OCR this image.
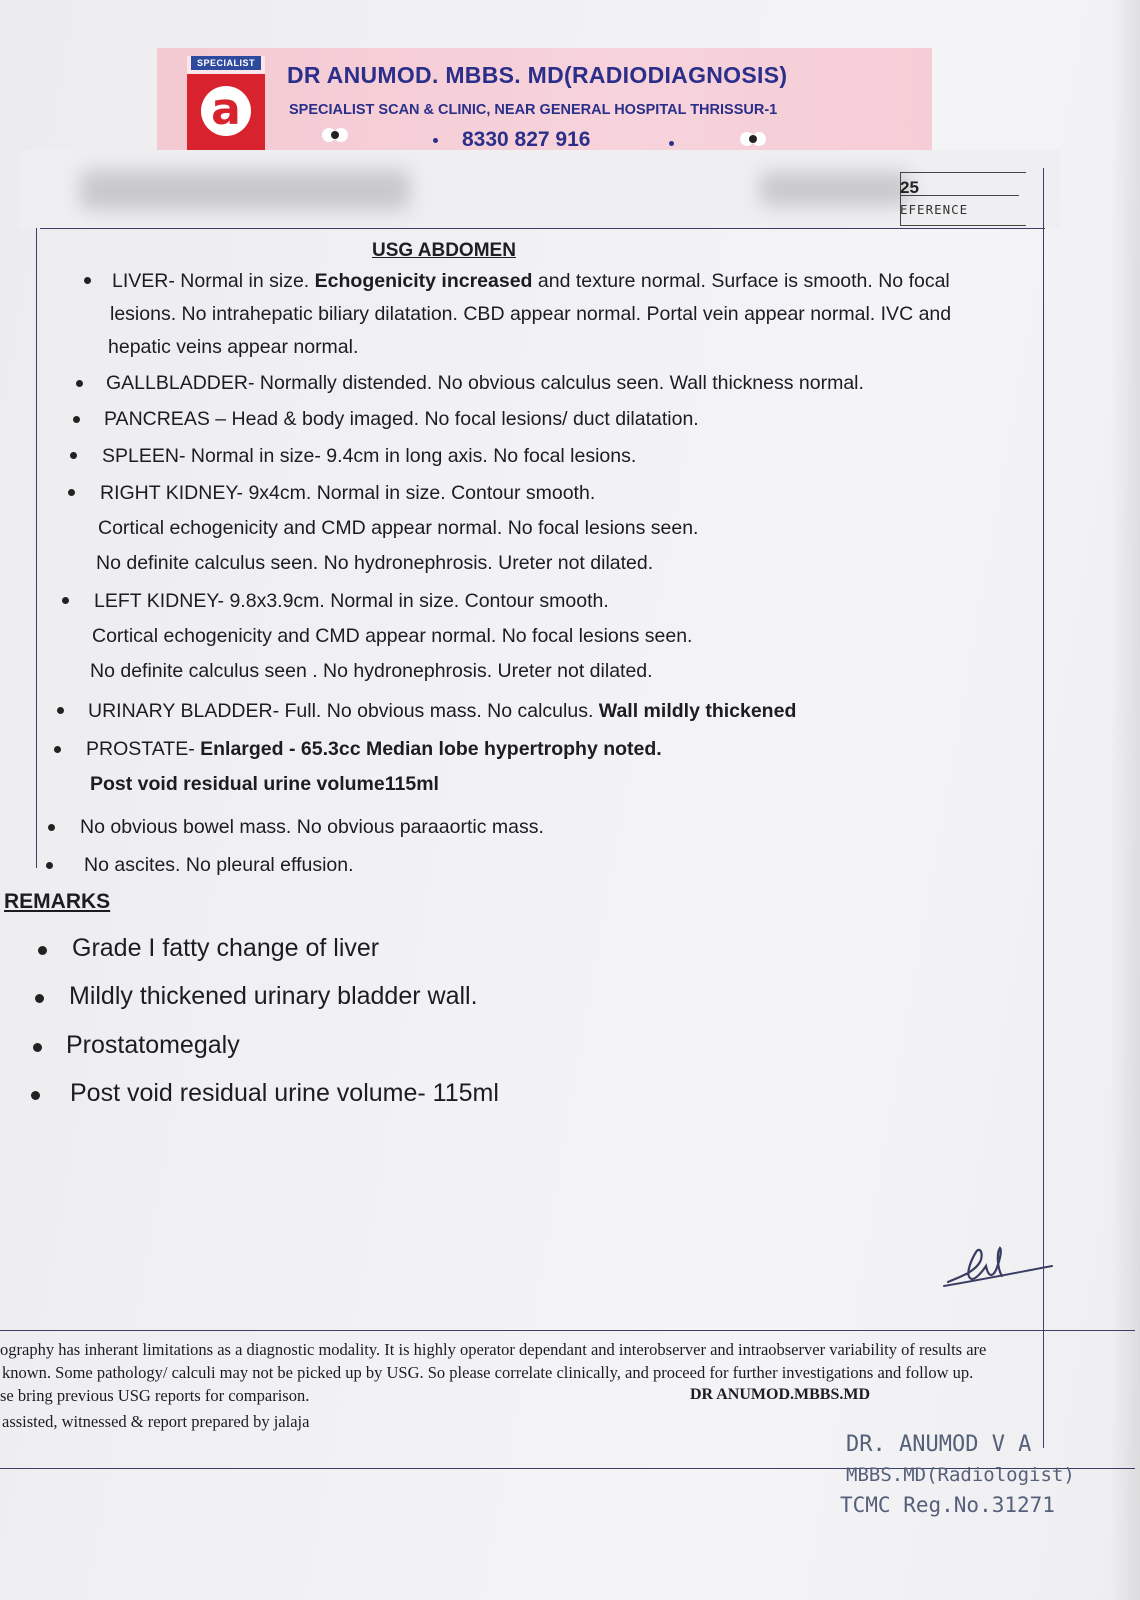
SPECIALIST
a
DR ANUMOD. MBBS. MD(RADIODIAGNOSIS)
SPECIALIST SCAN & CLINIC, NEAR GENERAL HOSPITAL THRISSUR-1
8330 827 916
25
EFERENCE
USG ABDOMEN
LIVER- Normal in size. Echogenicity increased and texture normal. Surface is smooth. No focal
lesions. No intrahepatic biliary dilatation. CBD appear normal. Portal vein appear normal. IVC and
hepatic veins appear normal.
GALLBLADDER- Normally distended. No obvious calculus seen. Wall thickness normal.
PANCREAS – Head & body imaged. No focal lesions/ duct dilatation.
SPLEEN- Normal in size- 9.4cm in long axis. No focal lesions.
RIGHT KIDNEY- 9x4cm. Normal in size. Contour smooth.
Cortical echogenicity and CMD appear normal. No focal lesions seen.
No definite calculus seen. No hydronephrosis. Ureter not dilated.
LEFT KIDNEY- 9.8x3.9cm. Normal in size. Contour smooth.
Cortical echogenicity and CMD appear normal. No focal lesions seen.
No definite calculus seen . No hydronephrosis. Ureter not dilated.
URINARY BLADDER- Full. No obvious mass. No calculus. Wall mildly thickened
PROSTATE- Enlarged - 65.3cc Median lobe hypertrophy noted.
Post void residual urine volume115ml
No obvious bowel mass. No obvious paraaortic mass.
No ascites. No pleural effusion.
REMARKS
Grade I fatty change of liver
Mildly thickened urinary bladder wall.
Prostatomegaly
Post void residual urine volume- 115ml
ography has inherant limitations as a diagnostic modality. It is highly operator dependant and interobserver and intraobserver variability of results are
known. Some pathology/ calculi may not be picked up by USG. So please correlate clinically, and proceed for further investigations and follow up.
se bring previous USG reports for comparison.	DR ANUMOD.MBBS.MD
assisted, witnessed & report prepared by jalaja
DR. ANUMOD V A
MBBS.MD(Radiologist)
TCMC Reg.No.31271
